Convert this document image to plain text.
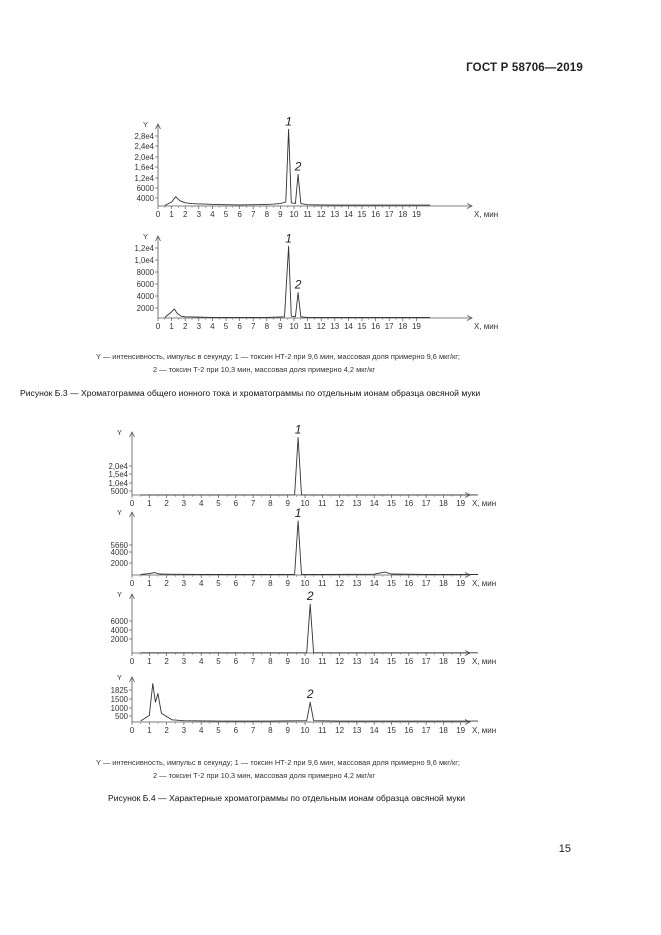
ГОСТ Р 58706—2019
Y
0 1 2 3 4 5 6 7 8 9 10 11 12 13 14 15 16 17 18 19	X, мин
2,8e4
2,4e4
2,0e4
1,6e4
1,2e4
6000
4000
1
2
Y
0 1 2 3 4 5 6 7 8 9 10 11 12 13 14 15 16 17 18 19	X, мин
1,2e4
1,0e4
8000
6000
4000
2000
1
2
Y
0 1 2 3 4 5 6 7 8 9 10 11 12 13 14 15 16 17 18 19 X, мин
2,0e4
1,5e4
1,0e4
5000
1
Y
0 1 2 3 4 5 6 7 8 9 10 11 12 13 14 15 16 17 18 19 X, мин
5660
4000
2000
1
Y
0 1 2 3 4 5 6 7 8 9 10 11 12 13 14 15 16 17 18 19 X, мин
6000
4000
2000
2
Y
0 1 2 3 4 5 6 7 8 9 10 11 12 13 14 15 16 17 18 19 X, мин
1825
1500
1000
500
2
Y — интенсивность, импульс в секунду; 1 — токсин НТ-2 при 9,6 мин, массовая доля примерно 9,6 мкг/кг;
2 — токсин Т-2 при 10,3 мин, массовая доля примерно 4,2 мкг/кг
Рисунок Б.3 — Хроматограмма общего ионного тока и хроматограммы по отдельным ионам образца овсяной муки
Y — интенсивность, импульс в секунду; 1 — токсин НТ-2 при 9,6 мин, массовая доля примерно 9,6 мкг/кг;
2 — токсин Т-2 при 10,3 мин, массовая доля примерно 4,2 мкг/кг
Рисунок Б.4 — Характерные хроматограммы по отдельным ионам образца овсяной муки
15
